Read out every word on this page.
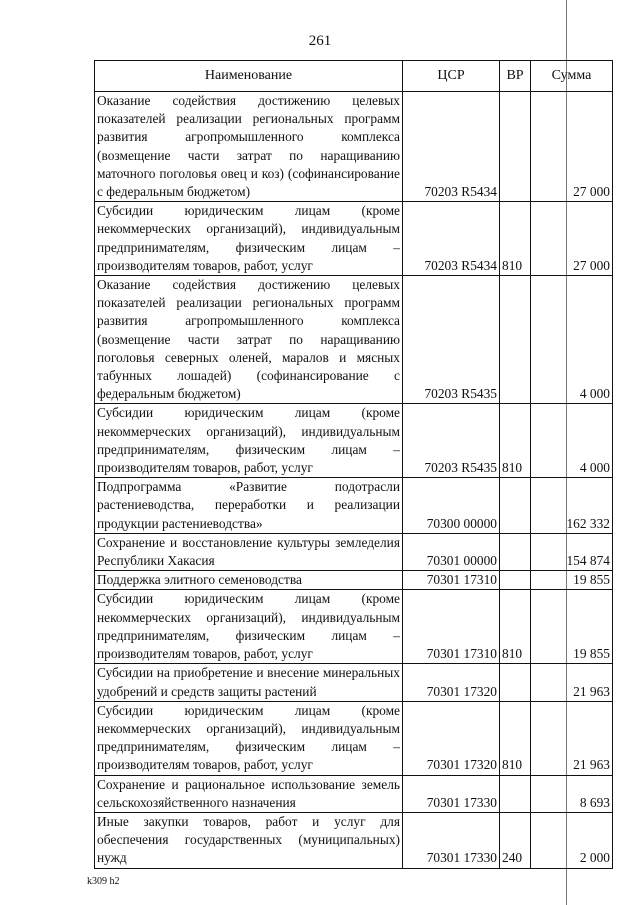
261
Наименование	ЦСР	ВР	Сумма
Оказание содействия достижению целевых показателей реализации региональных программ развития агропромышленного комплекса (возмещение части затрат по наращиванию маточного поголовья овец и коз) (софинансирование с федеральным бюджетом)	70203 R5434		27 000
Субсидии юридическим лицам (кроме некоммерческих организаций), индивидуальным предпринимателям, физическим лицам – производителям товаров, работ, услуг	70203 R5434	810	27 000
Оказание содействия достижению целевых показателей реализации региональных программ развития агропромышленного комплекса (возмещение части затрат по наращиванию поголовья северных оленей, маралов и мясных табунных лошадей) (софинансирование с федеральным бюджетом)	70203 R5435		4 000
Субсидии юридическим лицам (кроме некоммерческих организаций), индивидуальным предпринимателям, физическим лицам – производителям товаров, работ, услуг	70203 R5435	810	4 000
Подпрограмма «Развитие подотрасли растениеводства, переработки и реализации продукции растениеводства»	70300 00000		162 332
Сохранение и восстановление культуры земледелия Республики Хакасия	70301 00000		154 874
Поддержка элитного семеноводства	70301 17310		19 855
Субсидии юридическим лицам (кроме некоммерческих организаций), индивидуальным предпринимателям, физическим лицам – производителям товаров, работ, услуг	70301 17310	810	19 855
Субсидии на приобретение и внесение минеральных удобрений и средств защиты растений	70301 17320		21 963
Субсидии юридическим лицам (кроме некоммерческих организаций), индивидуальным предпринимателям, физическим лицам – производителям товаров, работ, услуг	70301 17320	810	21 963
Сохранение и рациональное использование земель сельскохозяйственного назначения	70301 17330		8 693
Иные закупки товаров, работ и услуг для обеспечения государственных (муниципальных) нужд	70301 17330	240	2 000
k309 h2
